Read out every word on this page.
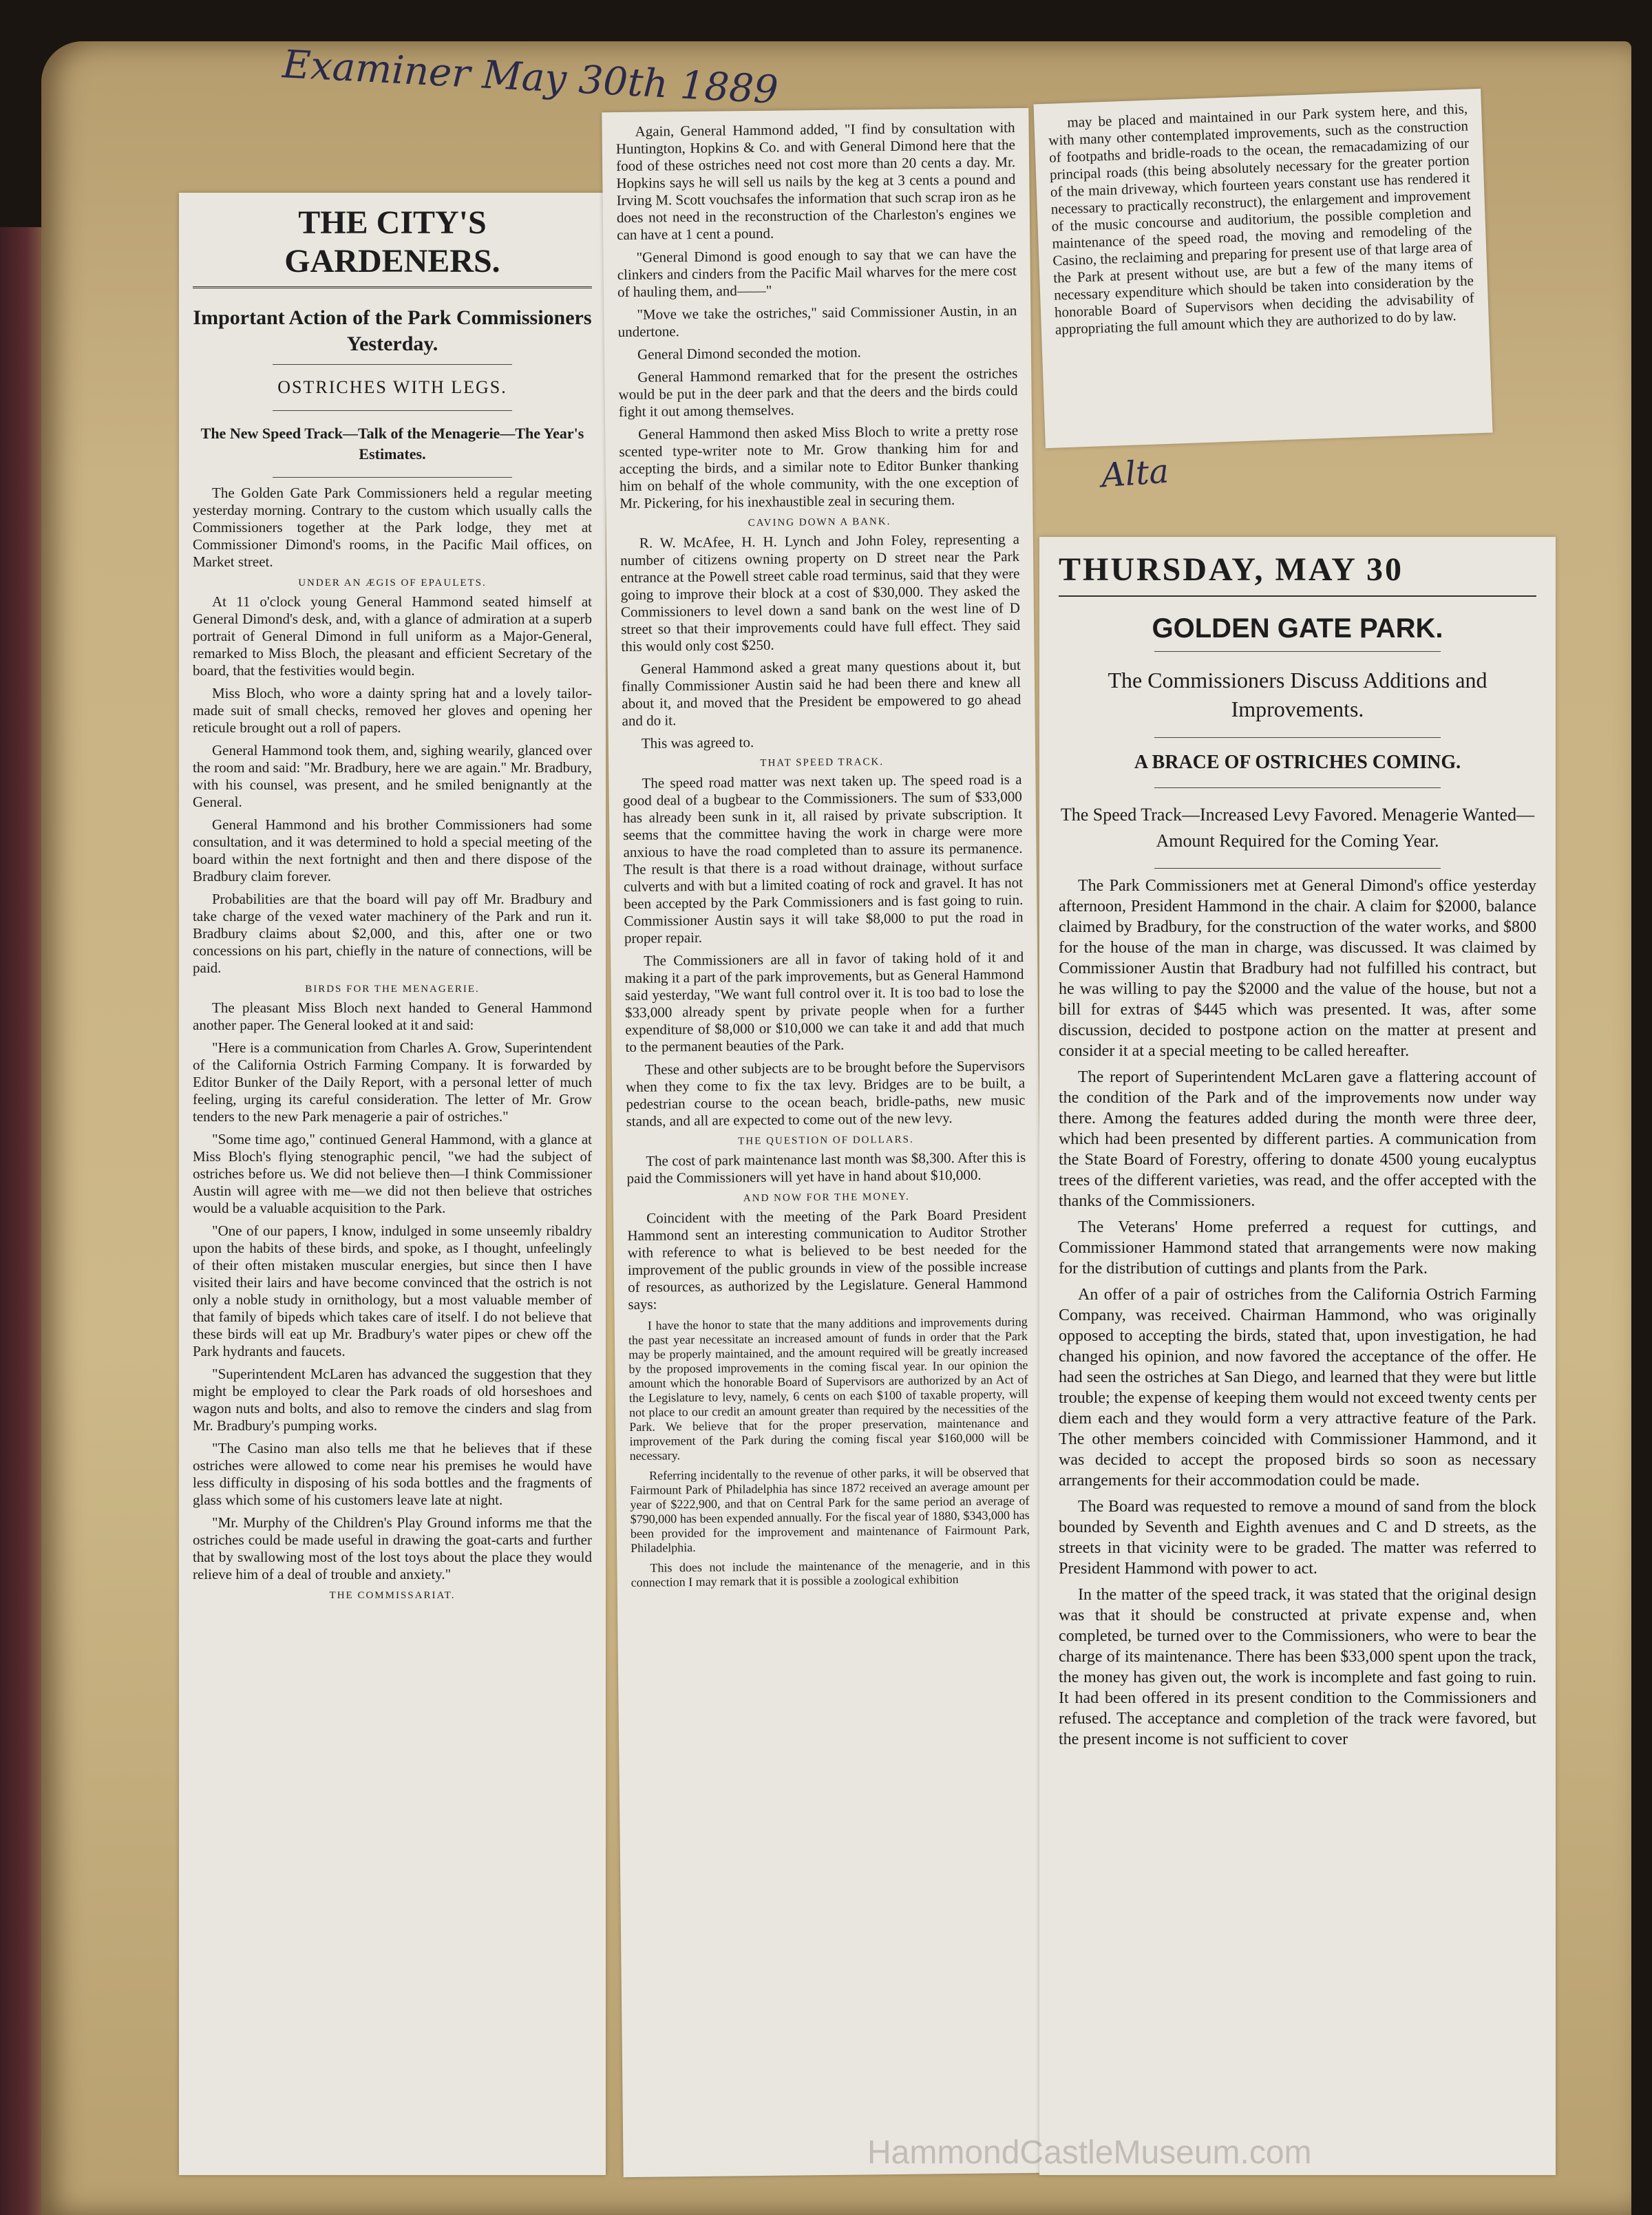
Examiner May 30th 1889
Alta
THE CITY'S GARDENERS.
Important Action of the Park Commissioners Yesterday.
OSTRICHES WITH LEGS.
The New Speed Track—Talk of the Menagerie—The Year's Estimates.

The Golden Gate Park Commissioners held a regular meeting yesterday morning. Contrary to the custom which usually calls the Commissioners together at the Park lodge, they met at Commissioner Dimond's rooms, in the Pacific Mail offices, on Market street.

UNDER AN ÆGIS OF EPAULETS.

At 11 o'clock young General Hammond seated himself at General Dimond's desk, and, with a glance of admiration at a superb portrait of General Dimond in full uniform as a Major-General, remarked to Miss Bloch, the pleasant and efficient Secretary of the board, that the festivities would begin.

Miss Bloch, who wore a dainty spring hat and a lovely tailor-made suit of small checks, removed her gloves and opening her reticule brought out a roll of papers.

General Hammond took them, and, sighing wearily, glanced over the room and said: "Mr. Bradbury, here we are again." Mr. Bradbury, with his counsel, was present, and he smiled benignantly at the General.

General Hammond and his brother Commissioners had some consultation, and it was determined to hold a special meeting of the board within the next fortnight and then and there dispose of the Bradbury claim forever.

Probabilities are that the board will pay off Mr. Bradbury and take charge of the vexed water machinery of the Park and run it. Bradbury claims about $2,000, and this, after one or two concessions on his part, chiefly in the nature of connections, will be paid.

BIRDS FOR THE MENAGERIE.

The pleasant Miss Bloch next handed to General Hammond another paper. The General looked at it and said:

"Here is a communication from Charles A. Grow, Superintendent of the California Ostrich Farming Company. It is forwarded by Editor Bunker of the Daily Report, with a personal letter of much feeling, urging its careful consideration. The letter of Mr. Grow tenders to the new Park menagerie a pair of ostriches."

"Some time ago," continued General Hammond, with a glance at Miss Bloch's flying stenographic pencil, "we had the subject of ostriches before us. We did not believe then—I think Commissioner Austin will agree with me—we did not then believe that ostriches would be a valuable acquisition to the Park.

"One of our papers, I know, indulged in some unseemly ribaldry upon the habits of these birds, and spoke, as I thought, unfeelingly of their often mistaken muscular energies, but since then I have visited their lairs and have become convinced that the ostrich is not only a noble study in ornithology, but a most valuable member of that family of bipeds which takes care of itself. I do not believe that these birds will eat up Mr. Bradbury's water pipes or chew off the Park hydrants and faucets.

"Superintendent McLaren has advanced the suggestion that they might be employed to clear the Park roads of old horseshoes and wagon nuts and bolts, and also to remove the cinders and slag from Mr. Bradbury's pumping works.

"The Casino man also tells me that he believes that if these ostriches were allowed to come near his premises he would have less difficulty in disposing of his soda bottles and the fragments of glass which some of his customers leave late at night.

"Mr. Murphy of the Children's Play Ground informs me that the ostriches could be made useful in drawing the goat-carts and further that by swallowing most of the lost toys about the place they would relieve him of a deal of trouble and anxiety."

THE COMMISSARIAT.

Again, General Hammond added, "I find by consultation with Huntington, Hopkins & Co. and with General Dimond here that the food of these ostriches need not cost more than 20 cents a day. Mr. Hopkins says he will sell us nails by the keg at 3 cents a pound and Irving M. Scott vouchsafes the information that such scrap iron as he does not need in the reconstruction of the Charleston's engines we can have at 1 cent a pound.

"General Dimond is good enough to say that we can have the clinkers and cinders from the Pacific Mail wharves for the mere cost of hauling them, and——"

"Move we take the ostriches," said Commissioner Austin, in an undertone.

General Dimond seconded the motion.

General Hammond remarked that for the present the ostriches would be put in the deer park and that the deers and the birds could fight it out among themselves.

General Hammond then asked Miss Bloch to write a pretty rose scented type-writer note to Mr. Grow thanking him for and accepting the birds, and a similar note to Editor Bunker thanking him on behalf of the whole community, with the one exception of Mr. Pickering, for his inexhaustible zeal in securing them.

CAVING DOWN A BANK.

R. W. McAfee, H. H. Lynch and John Foley, representing a number of citizens owning property on D street near the Park entrance at the Powell street cable road terminus, said that they were going to improve their block at a cost of $30,000. They asked the Commissioners to level down a sand bank on the west line of D street so that their improvements could have full effect. They said this would only cost $250.

General Hammond asked a great many questions about it, but finally Commissioner Austin said he had been there and knew all about it, and moved that the President be empowered to go ahead and do it.

This was agreed to.

THAT SPEED TRACK.

The speed road matter was next taken up. The speed road is a good deal of a bugbear to the Commissioners. The sum of $33,000 has already been sunk in it, all raised by private subscription. It seems that the committee having the work in charge were more anxious to have the road completed than to assure its permanence. The result is that there is a road without drainage, without surface culverts and with but a limited coating of rock and gravel. It has not been accepted by the Park Commissioners and is fast going to ruin. Commissioner Austin says it will take $8,000 to put the road in proper repair.

The Commissioners are all in favor of taking hold of it and making it a part of the park improvements, but as General Hammond said yesterday, "We want full control over it. It is too bad to lose the $33,000 already spent by private people when for a further expenditure of $8,000 or $10,000 we can take it and add that much to the permanent beauties of the Park.

These and other subjects are to be brought before the Supervisors when they come to fix the tax levy. Bridges are to be built, a pedestrian course to the ocean beach, bridle-paths, new music stands, and all are expected to come out of the new levy.

THE QUESTION OF DOLLARS.

The cost of park maintenance last month was $8,300. After this is paid the Commissioners will yet have in hand about $10,000.

AND NOW FOR THE MONEY.

Coincident with the meeting of the Park Board President Hammond sent an interesting communication to Auditor Strother with reference to what is believed to be best needed for the improvement of the public grounds in view of the possible increase of resources, as authorized by the Legislature. General Hammond says:

I have the honor to state that the many additions and improvements during the past year necessitate an increased amount of funds in order that the Park may be properly maintained, and the amount required will be greatly increased by the proposed improvements in the coming fiscal year. In our opinion the amount which the honorable Board of Supervisors are authorized by an Act of the Legislature to levy, namely, 6 cents on each $100 of taxable property, will not place to our credit an amount greater than required by the necessities of the Park. We believe that for the proper preservation, maintenance and improvement of the Park during the coming fiscal year $160,000 will be necessary.

Referring incidentally to the revenue of other parks, it will be observed that Fairmount Park of Philadelphia has since 1872 received an average amount per year of $222,900, and that on Central Park for the same period an average of $790,000 has been expended annually. For the fiscal year of 1880, $343,000 has been provided for the improvement and maintenance of Fairmount Park, Philadelphia.

This does not include the maintenance of the menagerie, and in this connection I may remark that it is possible a zoological exhibition

may be placed and maintained in our Park system here, and this, with many other contemplated improvements, such as the construction of footpaths and bridle-roads to the ocean, the remacadamizing of our principal roads (this being absolutely necessary for the greater portion of the main driveway, which fourteen years constant use has rendered it necessary to practically reconstruct), the enlargement and improvement of the music concourse and auditorium, the possible completion and maintenance of the speed road, the moving and remodeling of the Casino, the reclaiming and preparing for present use of that large area of the Park at present without use, are but a few of the many items of necessary expenditure which should be taken into consideration by the honorable Board of Supervisors when deciding the advisability of appropriating the full amount which they are authorized to do by law.

THURSDAY, MAY 30
GOLDEN GATE PARK.
The Commissioners Discuss Additions and Improvements.
A BRACE OF OSTRICHES COMING.
The Speed Track—Increased Levy Favored. Menagerie Wanted—Amount Required for the Coming Year.

The Park Commissioners met at General Dimond's office yesterday afternoon, President Hammond in the chair. A claim for $2000, balance claimed by Bradbury, for the construction of the water works, and $800 for the house of the man in charge, was discussed. It was claimed by Commissioner Austin that Bradbury had not fulfilled his contract, but he was willing to pay the $2000 and the value of the house, but not a bill for extras of $445 which was presented. It was, after some discussion, decided to postpone action on the matter at present and consider it at a special meeting to be called hereafter.

The report of Superintendent McLaren gave a flattering account of the condition of the Park and of the improvements now under way there. Among the features added during the month were three deer, which had been presented by different parties. A communication from the State Board of Forestry, offering to donate 4500 young eucalyptus trees of the different varieties, was read, and the offer accepted with the thanks of the Commissioners.

The Veterans' Home preferred a request for cuttings, and Commissioner Hammond stated that arrangements were now making for the distribution of cuttings and plants from the Park.

An offer of a pair of ostriches from the California Ostrich Farming Company, was received. Chairman Hammond, who was originally opposed to accepting the birds, stated that, upon investigation, he had changed his opinion, and now favored the acceptance of the offer. He had seen the ostriches at San Diego, and learned that they were but little trouble; the expense of keeping them would not exceed twenty cents per diem each and they would form a very attractive feature of the Park. The other members coincided with Commissioner Hammond, and it was decided to accept the proposed birds so soon as necessary arrangements for their accommodation could be made.

The Board was requested to remove a mound of sand from the block bounded by Seventh and Eighth avenues and C and D streets, as the streets in that vicinity were to be graded. The matter was referred to President Hammond with power to act.

In the matter of the speed track, it was stated that the original design was that it should be constructed at private expense and, when completed, be turned over to the Commissioners, who were to bear the charge of its maintenance. There has been $33,000 spent upon the track, the money has given out, the work is incomplete and fast going to ruin. It had been offered in its present condition to the Commissioners and refused. The acceptance and completion of the track were favored, but the present income is not sufficient to cover

HammondCastleMuseum.com
